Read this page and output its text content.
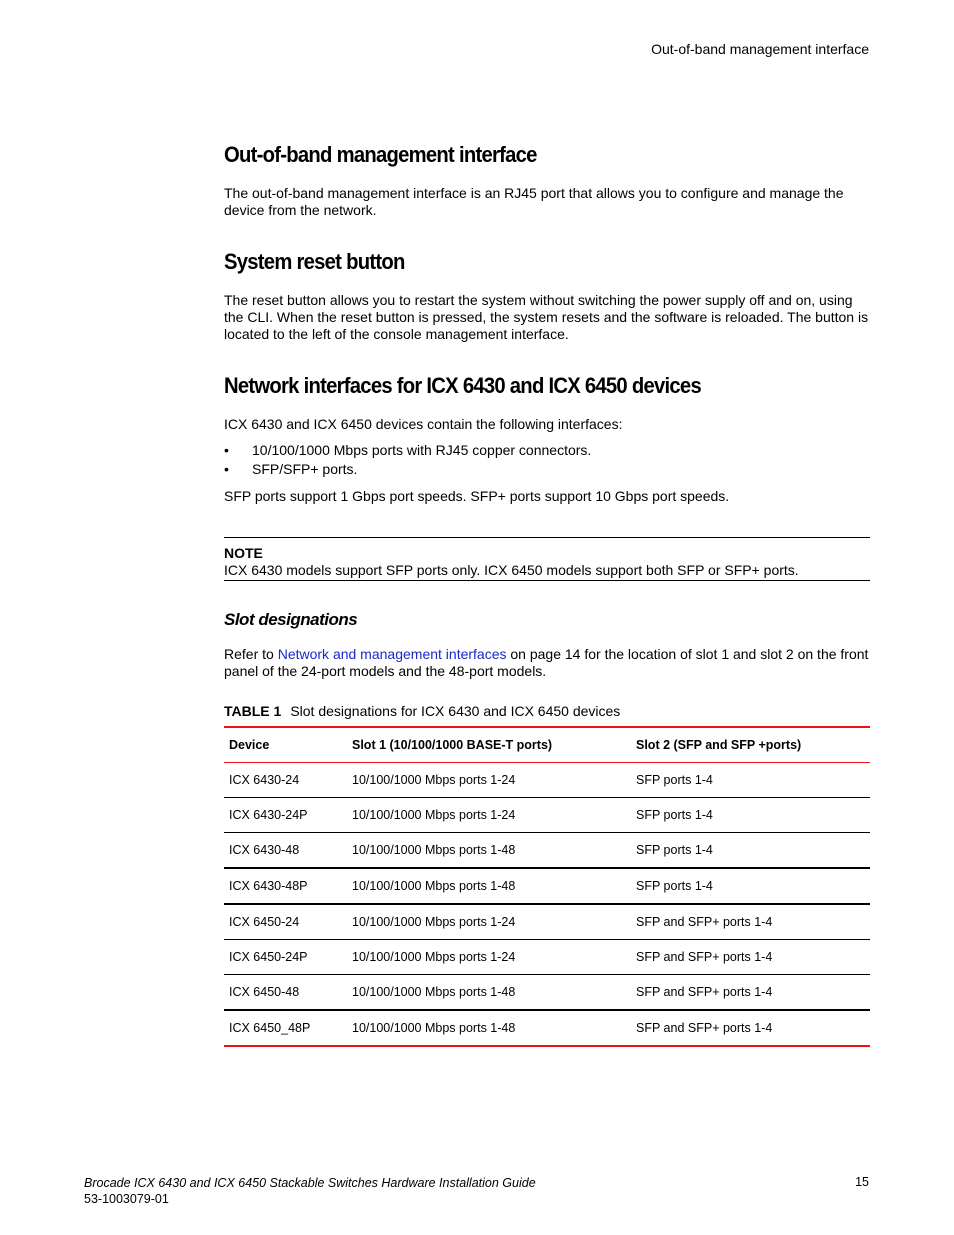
Out-of-band management interface
Out-of-band management interface

The out-of-band management interface is an RJ45 port that allows you to configure and manage the device from the network.

System reset button

The reset button allows you to restart the system without switching the power supply off and on, using the CLI. When the reset button is pressed, the system resets and the software is reloaded. The button is located to the left of the console management interface.

Network interfaces for ICX 6430 and ICX 6450 devices

ICX 6430 and ICX 6450 devices contain the following interfaces:

• 10/100/1000 Mbps ports with RJ45 copper connectors.
• SFP/SFP+ ports.

SFP ports support 1 Gbps port speeds. SFP+ ports support 10 Gbps port speeds.

NOTE
ICX 6430 models support SFP ports only. ICX 6450 models support both SFP or SFP+ ports.
Slot designations

Refer to Network and management interfaces on page 14 for the location of slot 1 and slot 2 on the front panel of the 24-port models and the 48-port models.

TABLE 1 Slot designations for ICX 6430 and ICX 6450 devices
Device	Slot 1 (10/100/1000 BASE-T ports)	Slot 2 (SFP and SFP +ports)
ICX 6430-24	10/100/1000 Mbps ports 1-24	SFP ports 1-4
ICX 6430-24P	10/100/1000 Mbps ports 1-24	SFP ports 1-4
ICX 6430-48	10/100/1000 Mbps ports 1-48	SFP ports 1-4
ICX 6430-48P	10/100/1000 Mbps ports 1-48	SFP ports 1-4
ICX 6450-24	10/100/1000 Mbps ports 1-24	SFP and SFP+ ports 1-4
ICX 6450-24P	10/100/1000 Mbps ports 1-24	SFP and SFP+ ports 1-4
ICX 6450-48	10/100/1000 Mbps ports 1-48	SFP and SFP+ ports 1-4
ICX 6450_48P	10/100/1000 Mbps ports 1-48	SFP and SFP+ ports 1-4
Brocade ICX 6430 and ICX 6450 Stackable Switches Hardware Installation Guide
53-1003079-01
15
